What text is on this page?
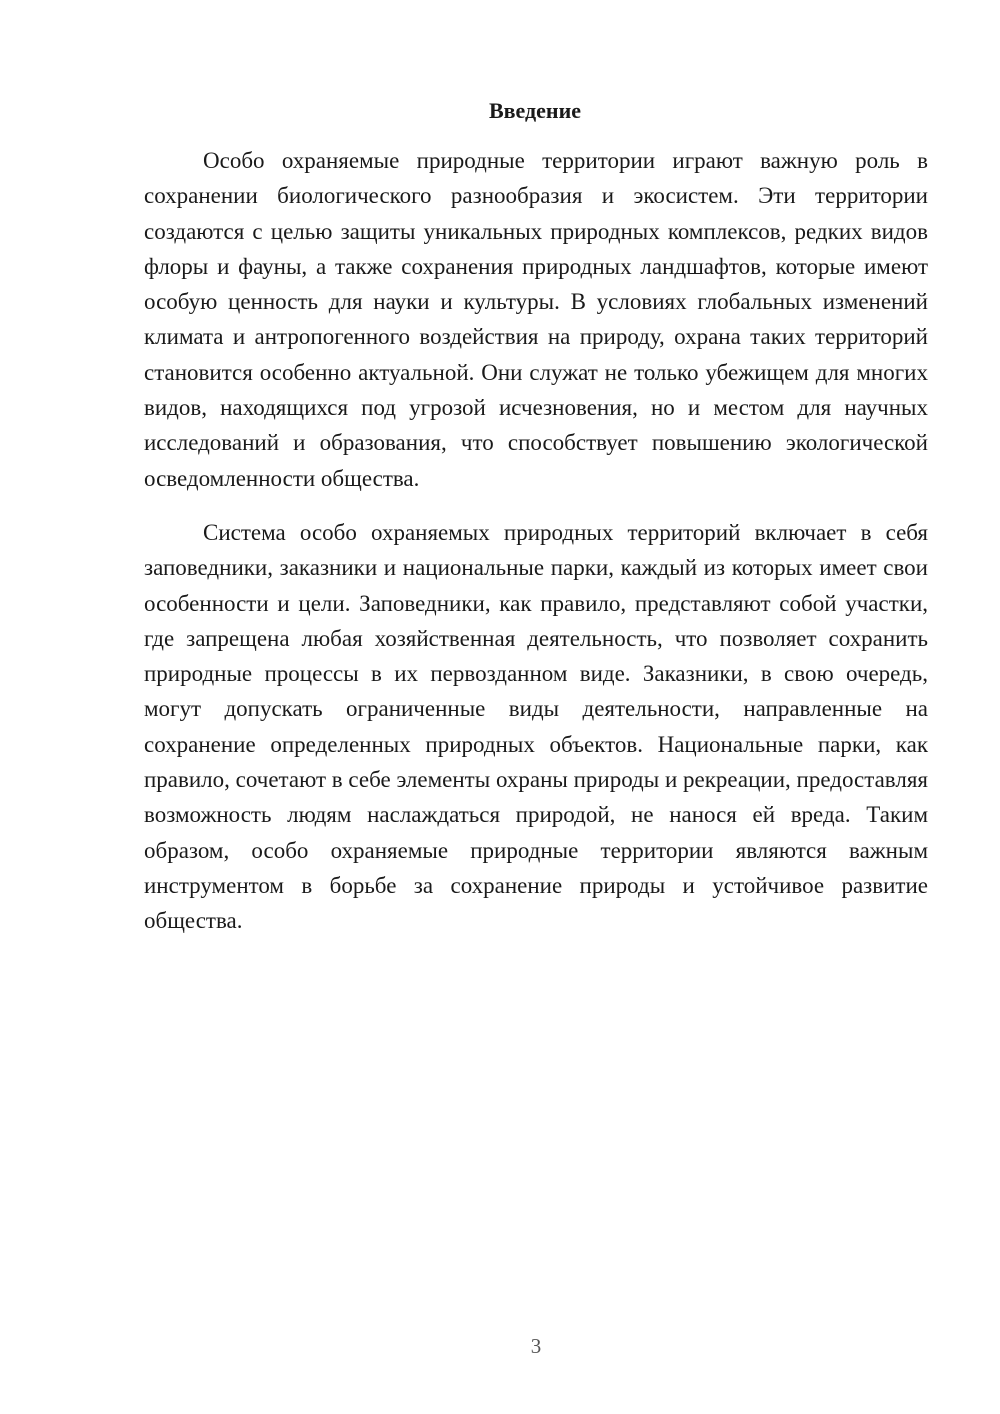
Введение

Особо охраняемые природные территории играют важную роль в сохранении биологического разнообразия и экосистем. Эти территории создаются с целью защиты уникальных природных комплексов, редких видов флоры и фауны, а также сохранения природных ландшафтов, которые имеют особую ценность для науки и культуры. В условиях глобальных изменений климата и антропогенного воздействия на природу, охрана таких территорий становится особенно актуальной. Они служат не только убежищем для многих видов, находящихся под угрозой исчезновения, но и местом для научных исследований и образования, что способствует повышению экологической осведомленности общества.

Система особо охраняемых природных территорий включает в себя заповедники, заказники и национальные парки, каждый из которых имеет свои особенности и цели. Заповедники, как правило, представляют собой участки, где запрещена любая хозяйственная деятельность, что позволяет сохранить природные процессы в их первозданном виде. Заказники, в свою очередь, могут допускать ограниченные виды деятельности, направленные на сохранение определенных природных объектов. Национальные парки, как правило, сочетают в себе элементы охраны природы и рекреации, предоставляя возможность людям наслаждаться природой, не нанося ей вреда. Таким образом, особо охраняемые природные территории являются важным инструментом в борьбе за сохранение природы и устойчивое развитие общества.

3
